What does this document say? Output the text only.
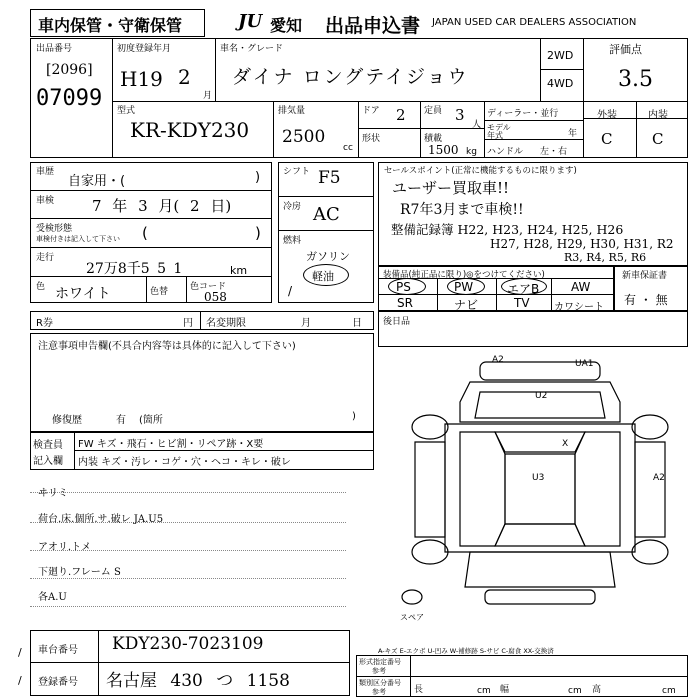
車内保管・守衛保管	JU 愛知 出品申込書 JAPAN USED CAR DEALERS ASSOCIATION
出品番号
[2096]
07099
初度登録年月
H19 2
月
車名・グレード
ダイナ ロングテイジョウ
2WD
4WD
評価点
3.5
外装	内装
C	C
型式
KR-KDY230
排気量
2500
cc
ドア 2 定員 3
人
形状	積載
1500 kg
ディーラー・並行
モデル
年式	年
ハンドル 左・右
車歴
自家用・(	)
車検	7 年 3 月( 2 日)
受検形態
車検付きは記入して下さい (	)
走行
27万8千5 5 1	km
色 ホワイト	色替 色コード
058
シフト F5
冷房 AC
燃料
ガソリン
軽油
/
セールスポイント(正常に機能するものに限ります)
ユーザー買取車!!
R7年3月まで車検!!
整備記録簿 H22, H23, H24, H25, H26
H27, H28, H29, H30, H31, R2
R3, R4, R5, R6
装備品(純正品に限り)◎をつけてください)
PS	PW	エアB	AW
SR	ナビ	TV カワシート
新車保証書
有 ・ 無
R券	円 名変期限	月	日
注意事項申告欄(不具合内容等は具体的に記入して下さい)
修復歴	有 (箇所	)
検査員
記入欄
FW キズ・飛石・ヒビ割・リペア跡・X要
内装 キズ・汚レ・コゲ・穴・ヘコ・キレ・破レ
ヰリミ
荷台.床.個所.サ.破レ JA.U5
アオリ.トメ
下廻り.フレーム S
各A.U
後日品
A2	UA1
U2
X
U3	A2
スペア
A-キズ E-エクボ U-凹み W-補修跡 S-サビ C-腐食 XX-交換済
車台番号 KDY230-7023109
登録番号 名古屋 430 つ 1158
/
/
形式指定番号
参考
類別区分番号
参考	長	cm 幅	cm 高	cm
